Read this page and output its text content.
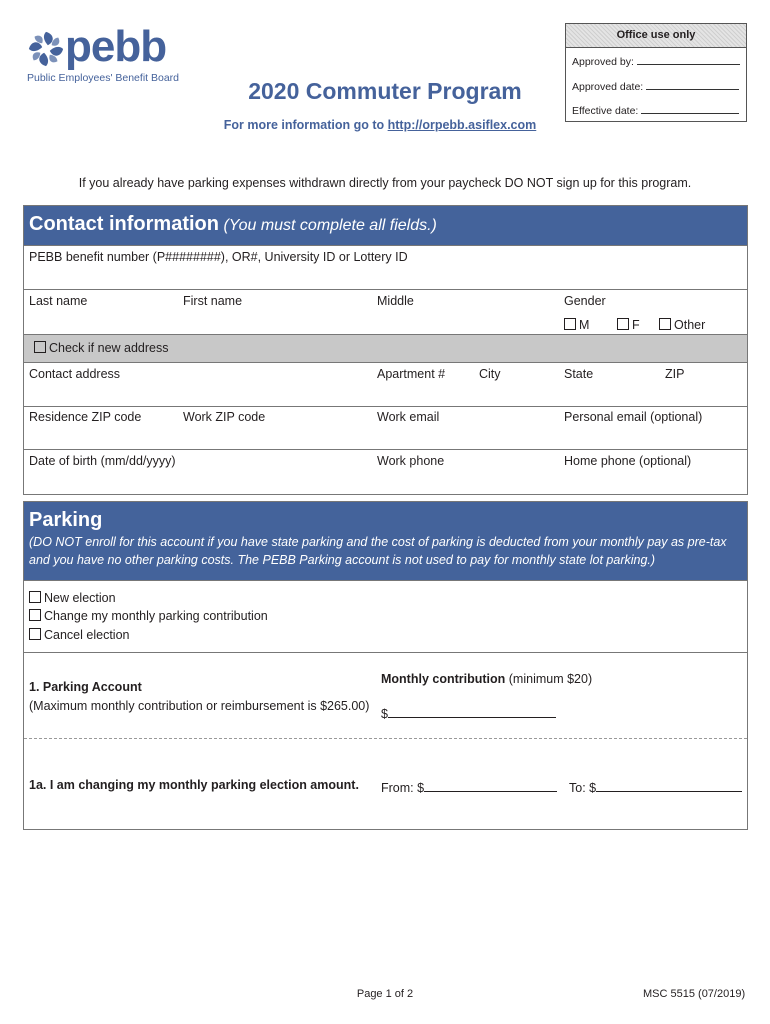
pebb
Public Employees' Benefit Board
Office use only
Approved by:
Approved date:
Effective date:
2020 Commuter Program
For more information go to http://orpebb.asiflex.com
If you already have parking expenses withdrawn directly from your paycheck DO NOT sign up for this program.
Contact information (You must complete all fields.)
PEBB benefit number (P########), OR#, University ID or Lottery ID
Last name	First name	Middle	Gender
M	F	Other
Check if new address
Contact address	Apartment #	City	State	ZIP
Residence ZIP code	Work ZIP code	Work email	Personal email (optional)
Date of birth (mm/dd/yyyy)	Work phone	Home phone (optional)
Parking
(DO NOT enroll for this account if you have state parking and the cost of parking is deducted from your monthly pay as pre-tax
and you have no other parking costs. The PEBB Parking account is not used to pay for monthly state lot parking.)
New election
Change my monthly parking contribution
Cancel election
1. Parking Account
(Maximum monthly contribution or reimbursement is $265.00)
Monthly contribution (minimum $20)
$
1a. I am changing my monthly parking election amount. From: $	To: $
Page 1 of 2	MSC 5515 (07/2019)
